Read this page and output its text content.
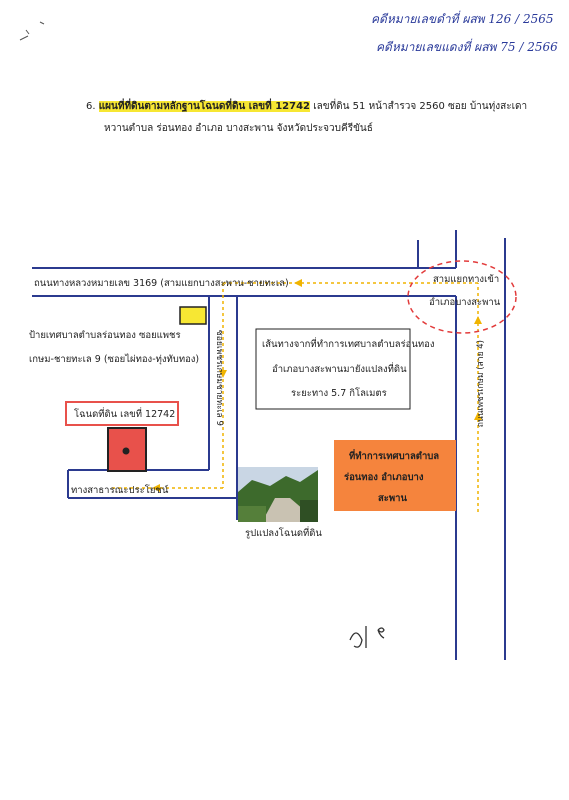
คดีหมายเลขดำที่ ผสพ 126 / 2565
คดีหมายเลขแดงที่ ผสพ 75 / 2566
6. แผนที่ที่ดินตามหลักฐานโฉนดที่ดิน เลขที่ 12742 เลขที่ดิน 51 หน้าสำรวจ 2560 ซอย บ้านทุ่งสะเดา
หวานตำบล ร่อนทอง อำเภอ บางสะพาน จังหวัดประจวบคีรีขันธ์
ถนนทางหลวงหมายเลข 3169 (สามแยกบางสะพาน-ชายทะเล)	สามแยกทางเข้า
อำเภอบางสะพาน
ป้ายเทศบาลตำบลร่อนทอง ซอยแพชร
เกษม-ชายทะเล 9 (ซอยไผ่ทอง-ทุ่งทับทอง) ซอยเพชรเกษมชายทะเล 9	ถนนเพชรเกษม (สาย 4)
เส้นทางจากที่ทำการเทศบาลตำบลร่อนทอง
อำเภอบางสะพานมายังแปลงที่ดิน
ระยะทาง 5.7 กิโลเมตร
โฉนดที่ดิน เลขที่ 12742
ที่ทำการเทศบาลตำบล
ร่อนทอง อำเภอบาง
สะพาน
ทางสาธารณะประโยชน์
รูปแปลงโฉนดที่ดิน
